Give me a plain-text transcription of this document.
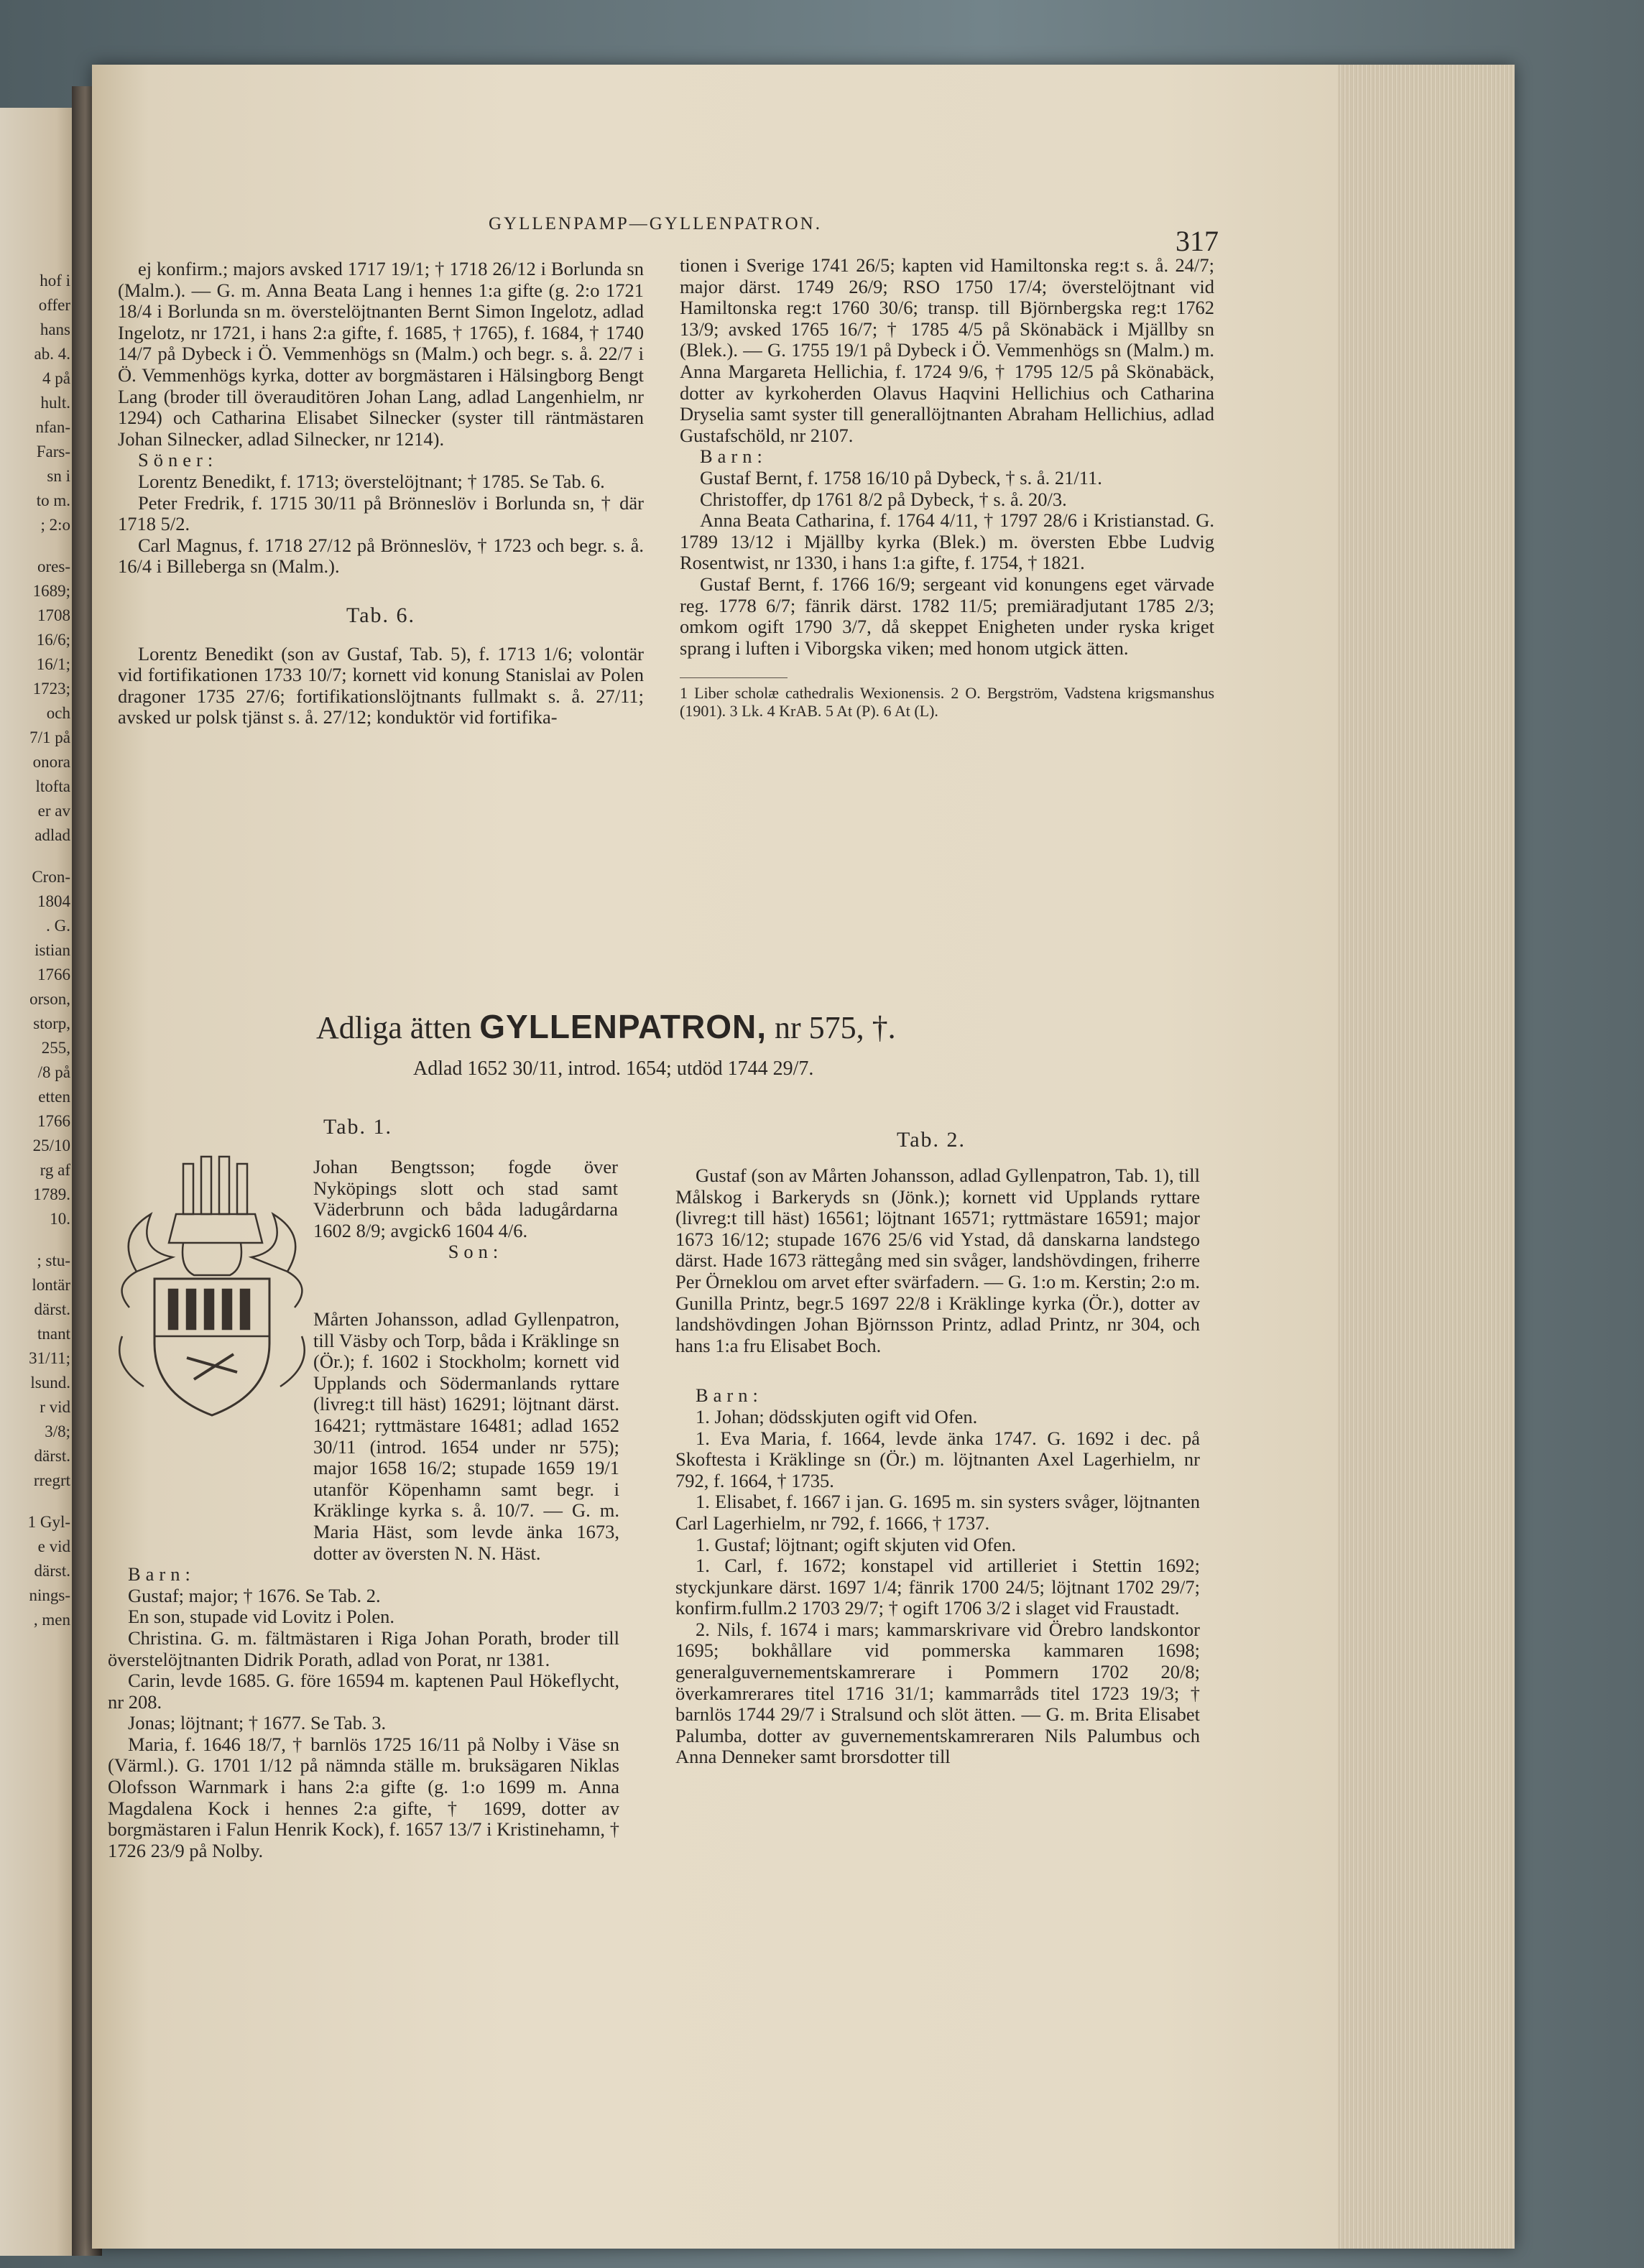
hof i
offer
hans
ab. 4.
4 på
hult.
nfan-
Fars-
sn i
to m.
; 2:o
ores-
1689;
1708
16/6;
16/1;
1723;
och
7/1 på
onora
ltofta
er av
adlad
Cron-
1804
. G.
istian
1766
orson,
storp,
255,
/8 på
etten
1766
25/10
rg af
1789.
10.
; stu-
lontär
därst.
tnant
31/11;
lsund.
r vid
3/8;
därst.
rregrt
1 Gyl-
e vid
därst.
nings-
, men
GYLLENPAMP—GYLLENPATRON.
317

ej konfirm.; majors avsked 1717 19/1; † 1718 26/12 i Borlunda sn (Malm.). — G. m. Anna Beata Lang i hennes 1:a gifte (g. 2:o 1721 18/4 i Borlunda sn m. överstelöjtnanten Bernt Simon Ingelotz, adlad Ingelotz, nr 1721, i hans 2:a gifte, f. 1685, † 1765), f. 1684, † 1740 14/7 på Dybeck i Ö. Vemmenhögs sn (Malm.) och begr. s. å. 22/7 i Ö. Vemmenhögs kyrka, dotter av borgmästaren i Hälsingborg Bengt Lang (broder till överauditören Johan Lang, adlad Langenhielm, nr 1294) och Catharina Elisabet Silnecker (syster till räntmästaren Johan Silnecker, adlad Silnecker, nr 1214).

Söner:

Lorentz Benedikt, f. 1713; överstelöjtnant; † 1785. Se Tab. 6.

Peter Fredrik, f. 1715 30/11 på Brönneslöv i Borlunda sn, † där 1718 5/2.

Carl Magnus, f. 1718 27/12 på Brönneslöv, † 1723 och begr. s. å. 16/4 i Billeberga sn (Malm.).

Tab. 6.

Lorentz Benedikt (son av Gustaf, Tab. 5), f. 1713 1/6; volontär vid fortifikationen 1733 10/7; kornett vid konung Stanislai av Polen dragoner 1735 27/6; fortifikationslöjtnants fullmakt s. å. 27/11; avsked ur polsk tjänst s. å. 27/12; konduktör vid fortifika-

tionen i Sverige 1741 26/5; kapten vid Hamiltonska reg:t s. å. 24/7; major därst. 1749 26/9; RSO 1750 17/4; överstelöjtnant vid Hamiltonska reg:t 1760 30/6; transp. till Björnbergska reg:t 1762 13/9; avsked 1765 16/7; † 1785 4/5 på Skönabäck i Mjällby sn (Blek.). — G. 1755 19/1 på Dybeck i Ö. Vemmenhögs sn (Malm.) m. Anna Margareta Hellichia, f. 1724 9/6, † 1795 12/5 på Skönabäck, dotter av kyrkoherden Olavus Haqvini Hellichius och Catharina Dryselia samt syster till generallöjtnanten Abraham Hellichius, adlad Gustafschöld, nr 2107.

Barn:

Gustaf Bernt, f. 1758 16/10 på Dybeck, † s. å. 21/11.

Christoffer, dp 1761 8/2 på Dybeck, † s. å. 20/3.

Anna Beata Catharina, f. 1764 4/11, † 1797 28/6 i Kristianstad. G. 1789 13/12 i Mjällby kyrka (Blek.) m. översten Ebbe Ludvig Rosentwist, nr 1330, i hans 1:a gifte, f. 1754, † 1821.

Gustaf Bernt, f. 1766 16/9; sergeant vid konungens eget värvade reg. 1778 6/7; fänrik därst. 1782 11/5; premiäradjutant 1785 2/3; omkom ogift 1790 3/7, då skeppet Enigheten under ryska kriget sprang i luften i Viborgska viken; med honom utgick ätten.

1 Liber scholæ cathedralis Wexionensis. 2 O. Bergström, Vadstena krigsmanshus (1901). 3 Lk. 4 KrAB. 5 At (P). 6 At (L).

Adliga ätten GYLLENPATRON, nr 575, †.
Adlad 1652 30/11, introd. 1654; utdöd 1744 29/7.
Tab. 1.
Tab. 2.

Johan Bengtsson; fogde över Nyköpings slott och stad samt Väderbrunn och båda ladugårdarna 1602 8/9; avgick6 1604 4/6.

Son:

Mårten Johansson, adlad Gyllenpatron, till Väsby och Torp, båda i Kräklinge sn (Ör.); f. 1602 i Stockholm; kornett vid Upplands och Södermanlands ryttare (livreg:t till häst) 16291; löjtnant därst. 16421; ryttmästare 16481; adlad 1652 30/11 (introd. 1654 under nr 575); major 1658 16/2; stupade 1659 19/1 utanför Köpenhamn samt begr. i Kräklinge kyrka s. å. 10/7. — G. m. Maria Häst, som levde änka 1673, dotter av översten N. N. Häst.

Barn:

Gustaf; major; † 1676. Se Tab. 2.

En son, stupade vid Lovitz i Polen.

Christina. G. m. fältmästaren i Riga Johan Porath, broder till överstelöjtnanten Didrik Porath, adlad von Porat, nr 1381.

Carin, levde 1685. G. före 16594 m. kaptenen Paul Hökeflycht, nr 208.

Jonas; löjtnant; † 1677. Se Tab. 3.

Maria, f. 1646 18/7, † barnlös 1725 16/11 på Nolby i Väse sn (Värml.). G. 1701 1/12 på nämnda ställe m. bruksägaren Niklas Olofsson Warnmark i hans 2:a gifte (g. 1:o 1699 m. Anna Magdalena Kock i hennes 2:a gifte, † 1699, dotter av borgmästaren i Falun Henrik Kock), f. 1657 13/7 i Kristinehamn, † 1726 23/9 på Nolby.

Gustaf (son av Mårten Johansson, adlad Gyllenpatron, Tab. 1), till Målskog i Barkeryds sn (Jönk.); kornett vid Upplands ryttare (livreg:t till häst) 16561; löjtnant 16571; ryttmästare 16591; major 1673 16/12; stupade 1676 25/6 vid Ystad, då danskarna landstego därst. Hade 1673 rättegång med sin svåger, landshövdingen, friherre Per Örneklou om arvet efter svärfadern. — G. 1:o m. Kerstin; 2:o m. Gunilla Printz, begr.5 1697 22/8 i Kräklinge kyrka (Ör.), dotter av landshövdingen Johan Björnsson Printz, adlad Printz, nr 304, och hans 1:a fru Elisabet Boch.

Barn:

1. Johan; dödsskjuten ogift vid Ofen.

1. Eva Maria, f. 1664, levde änka 1747. G. 1692 i dec. på Skoftesta i Kräklinge sn (Ör.) m. löjtnanten Axel Lagerhielm, nr 792, f. 1664, † 1735.

1. Elisabet, f. 1667 i jan. G. 1695 m. sin systers svåger, löjtnanten Carl Lagerhielm, nr 792, f. 1666, † 1737.

1. Gustaf; löjtnant; ogift skjuten vid Ofen.

1. Carl, f. 1672; konstapel vid artilleriet i Stettin 1692; styckjunkare därst. 1697 1/4; fänrik 1700 24/5; löjtnant 1702 29/7; konfirm.fullm.2 1703 29/7; † ogift 1706 3/2 i slaget vid Fraustadt.

2. Nils, f. 1674 i mars; kammarskrivare vid Örebro landskontor 1695; bokhållare vid pommerska kammaren 1698; generalguvernementskamrerare i Pommern 1702 20/8; överkamrerares titel 1716 31/1; kammarråds titel 1723 19/3; † barnlös 1744 29/7 i Stralsund och slöt ätten. — G. m. Brita Elisabet Palumba, dotter av guvernementskamreraren Nils Palumbus och Anna Denneker samt brorsdotter till
